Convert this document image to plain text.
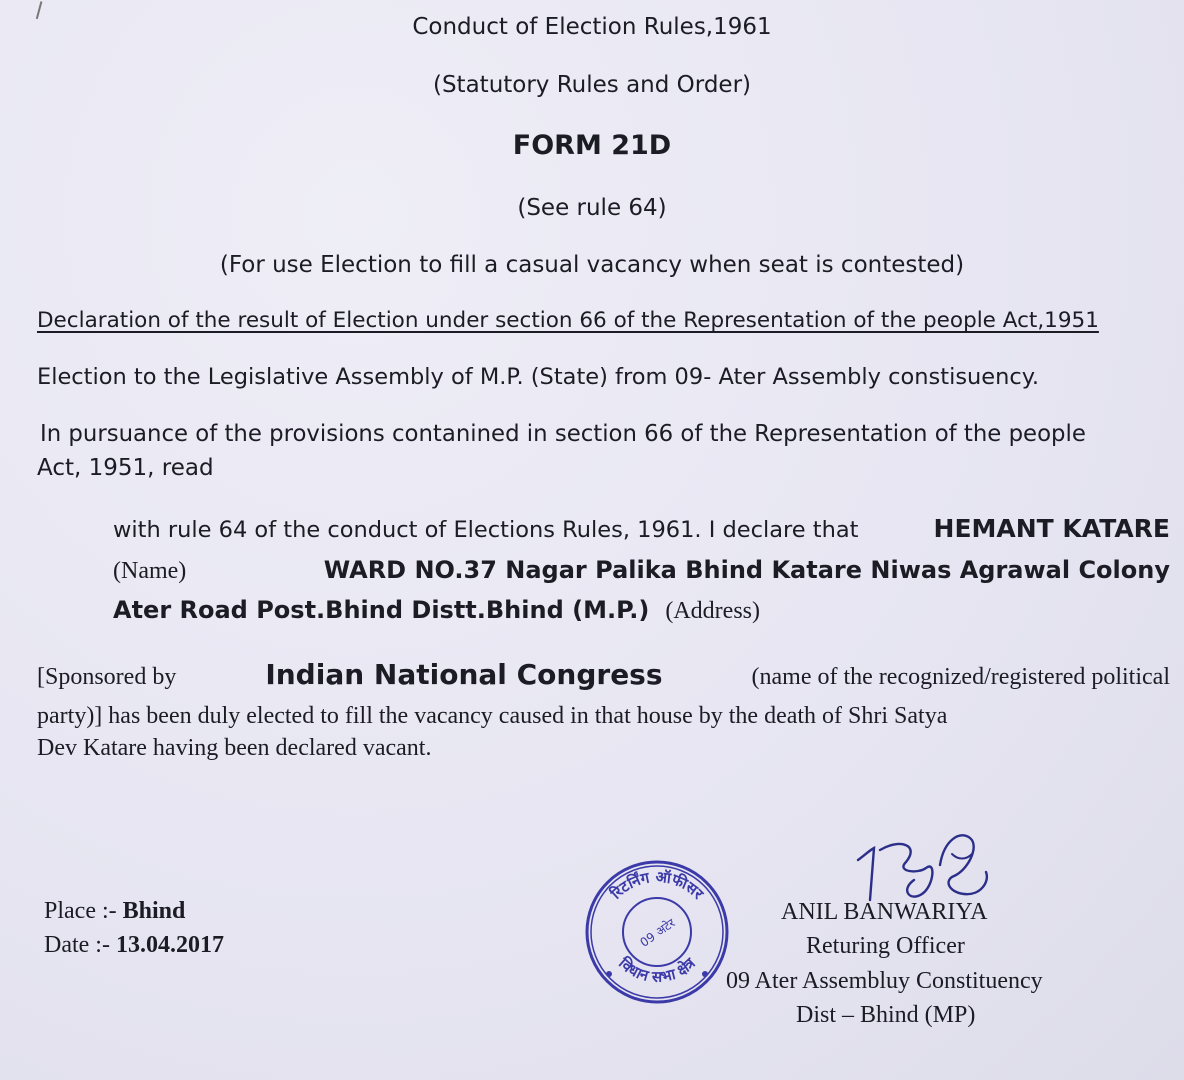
Conduct of Election Rules,1961
(Statutory Rules and Order)
FORM 21D
(See rule 64)
(For use Election to fill a casual vacancy when seat is contested)
Declaration of the result of Election under section 66 of the Representation of the people Act,1951
Election to the Legislative Assembly of M.P. (State) from 09- Ater Assembly constisuency.
In pursuance of the provisions contanined in section 66 of the Representation of the people
Act, 1951, read
with rule 64 of the conduct of Elections Rules, 1961. I declare that	HEMANT KATARE
(Name)	WARD NO.37 Nagar Palika Bhind Katare Niwas Agrawal Colony
Ater Road Post.Bhind Distt.Bhind (M.P.) (Address)
[Sponsored by	Indian National Congress	(name of the recognized/registered political
party)] has been duly elected to fill the vacancy caused in that house by the death of Shri Satya
Dev Katare having been declared vacant.
Place :- Bhind
Date :- 13.04.2017
रिटर्निंग ऑफीसर
विधान सभा क्षेत्र
09 अटेर
ANIL BANWARIYA
Returing Officer
09 Ater Assembluy Constituency
Dist – Bhind (MP)
